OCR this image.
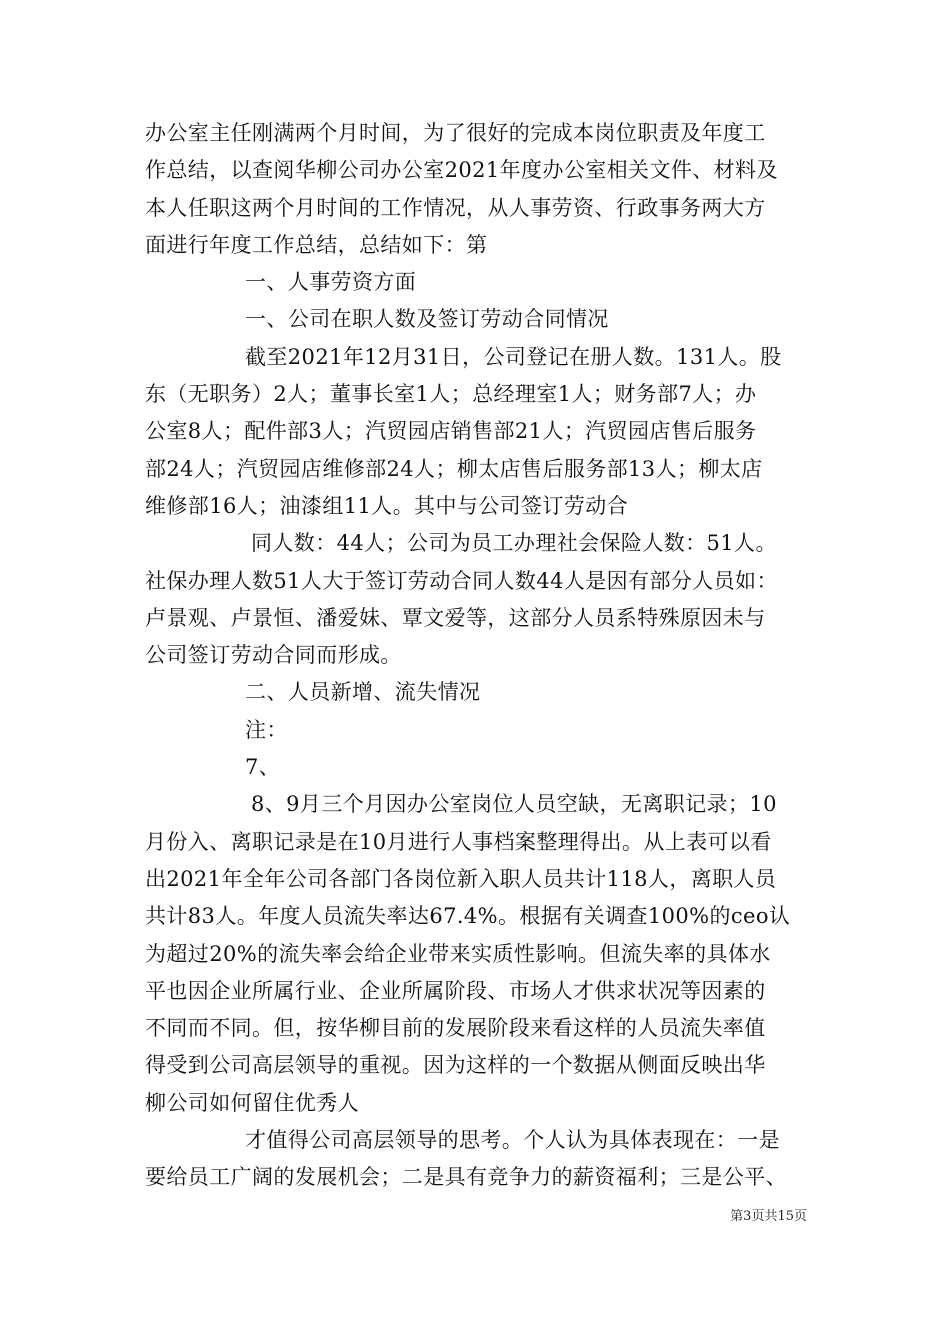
办公室主任刚满两个月时间，为了很好的完成本岗位职责及年度工
作总结，以查阅华柳公司办公室2021年度办公室相关文件、材料及
本人任职这两个月时间的工作情况，从人事劳资、行政事务两大方
面进行年度工作总结，总结如下：第
一、人事劳资方面
一、公司在职人数及签订劳动合同情况
截至2021年12月31日，公司登记在册人数。131人。股
东（无职务）2人；董事长室1人；总经理室1人；财务部7人；办
公室8人；配件部3人；汽贸园店销售部21人；汽贸园店售后服务
部24人；汽贸园店维修部24人；柳太店售后服务部13人；柳太店
维修部16人；油漆组11人。其中与公司签订劳动合
同人数：44人；公司为员工办理社会保险人数：51人。
社保办理人数51人大于签订劳动合同人数44人是因有部分人员如：
卢景观、卢景恒、潘爱妹、覃文爱等，这部分人员系特殊原因未与
公司签订劳动合同而形成。
二、人员新增、流失情况
注：
7、
8、9月三个月因办公室岗位人员空缺，无离职记录；10
月份入、离职记录是在10月进行人事档案整理得出。从上表可以看
出2021年全年公司各部门各岗位新入职人员共计118人，离职人员
共计83人。年度人员流失率达67.4%。根据有关调查100%的ceo认
为超过20%的流失率会给企业带来实质性影响。但流失率的具体水
平也因企业所属行业、企业所属阶段、市场人才供求状况等因素的
不同而不同。但，按华柳目前的发展阶段来看这样的人员流失率值
得受到公司高层领导的重视。因为这样的一个数据从侧面反映出华
柳公司如何留住优秀人
才值得公司高层领导的思考。个人认为具体表现在：一是
要给员工广阔的发展机会；二是具有竞争力的薪资福利；三是公平、
第3页共15页
